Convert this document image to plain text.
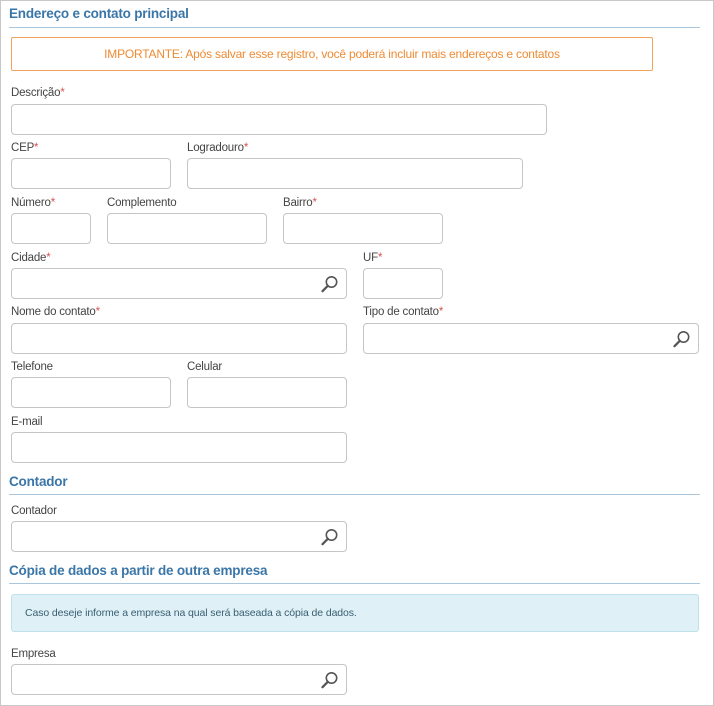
Endereço e contato principal
IMPORTANTE: Após salvar esse registro, você poderá incluir mais endereços e contatos
Descrição*
CEP*	Logradouro*
Número*	Complemento	Bairro*
Cidade*	UF*
Nome do contato*	Tipo de contato*
Telefone	Celular
E-mail
Contador
Contador
Cópia de dados a partir de outra empresa
Caso deseje informe a empresa na qual será baseada a cópia de dados.
Empresa
